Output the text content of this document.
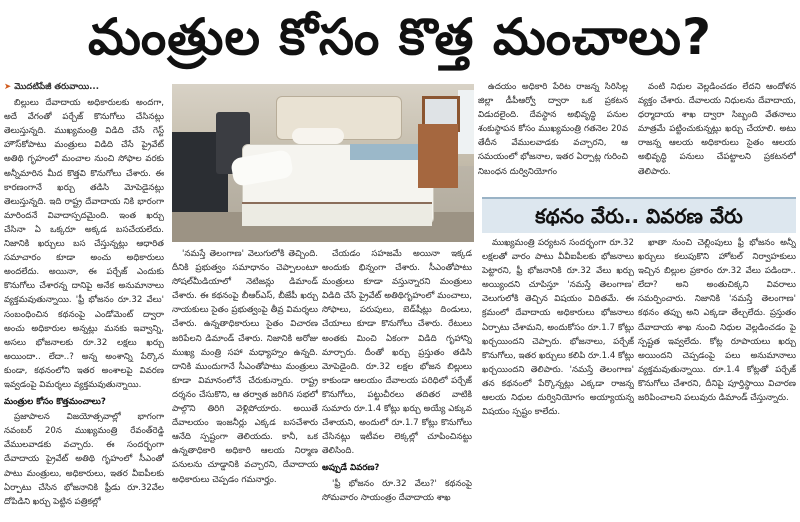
మంత్రుల కోసం కొత్త మంచాలు?

➤ మొదటిపేజీ తరువాయి...

బిల్లులు దేవాదాయ అధికారులకు అందగా, అదే వేగంతో పర్చేజ్ కొనుగోలు చేసినట్లు తెలుస్తున్నది. ముఖ్యమంత్రి విడిది చేసే గెస్ట్ హౌస్‌కోపాటు మంత్రులు విడిది చేసే ప్రైవేట్ అతిథి గృహంలో మంచాల నుంచి సోఫాల వరకు అన్నీమారిన మీద కొత్తవి కొనుగోలు చేశారు. ఈ కారణంగానే ఖర్చు తడిసి మోపెడైనట్లు తెలుస్తున్నది. ఇది రాష్ట్ర దేవాదాయ నికి భారంగా మారిందనే వివాదాస్పదమైంది. ఇంత ఖర్చు చేసినా ఏ ఒక్కరూ అక్కడ బసచేయలేదు. నిజానికి ఖర్చులు బస చేస్తున్నట్లు ఆధారిత సమాచారం కూడా అంచు అధికారులు అందలేదు. అయినా, ఈ పర్చేజ్ ఎందుకు కొనుగోలు చేశారన్న దానిపై అనేక అనుమానాలు వ్యక్తమవుతున్నాయి. 'ఫ్రీ భోజనం రూ.32 వేలు' సంబంధించిన కథనంపై ఎండోమెంట్ ద్వారా అంచు అధికారుల అన్నట్లు మనకు ఇవ్వాన్ని, అసలు భోజనాలకు రూ.32 లక్షలు ఖర్చు అయిందా.. లేదా..? అన్న అంశాన్ని పేర్కొన కుండా, కథనంలోని ఇతర అంశాలపై వివరణ ఇవ్వడంపై విమర్శలు వ్యక్తమవుతున్నాయి.

మంత్రుల కోసం కొత్తమంచాలు?

ప్రజాపాలన విజయోత్సవాల్లో భాగంగా నవంబర్ 20న ముఖ్యమంత్రి రేవంత్‌రెడ్డి వేములవాడకు వచ్చారు. ఈ సందర్భంగా దేవాదాయ ప్రైవేట్ అతిథి గృహంలో సీఎంతో పాటు మంత్రులు, అధికారులు, ఇతర వీఐపీలకు ఏర్పాటు చేసిన భోజనానికి ఫ్రీడు రూ.32వేల దోపిడిని ఖర్చు పెట్టిన పత్రికల్లో

'నమస్తే తెలంగాణ' వెలుగులోకి తెచ్చింది. దీనికి ప్రభుత్వం సమాధానం చెప్పాలంటూ సోషల్‌మీడియాలో నెటిజన్లు డిమాండ్ చేశారు. ఈ కథనంపై బీఆర్‌ఎస్, బీజేపీ ఖర్చు నాయకులు సైతం ప్రభుత్వంపై తీవ్ర విమర్శలు చేశారు. ఉన్నతాధికారులు సైతం విచారణ జరిపేలని డిమాండ్ చేశారు. నిజానికి అరోజు ముఖ్య మంత్రి సహా మధ్యాహ్నం ఉన్నది. దానికి ముందుగానే సీఎంతోపాటు మంత్రులు కూడా విమానంలోనే చేరుకున్నారు. రాష్ట్ర దర్శనం చేసుకొని, ఆ తర్వాత జరిగిన సభలో పాల్గొని తిరిగి వెళ్లిపోయారు. అయితే దేవాలయం ఇంజనీర్లు ఎక్కడ బసచేశారు ఆనేది స్పష్టంగా తెలియదు. కానీ, ఒక ఉన్నతాధికారి అధికారి ఆలయ నిర్మాణ పనులను చూడ్డానికి వచ్చారని, దేవాదాయ అధికారులు చెప్పడం గమనార్హం.

చేయడం సహజమే అయినా ఇక్కడ అందుకు భిన్నంగా చేశారు. సీఎంతోపాటు మంత్రులు కూడా వస్తున్నారని మంత్రులు విడిది చేసే ప్రైవేట్ అతిథిగృహంలో మంచాలు, సోఫాలు, పరుపులు, బెడ్‌షీట్లు దిండులు, చేయాలు కూడా కొనుగోలు చేశారు. రేటులు అంతకు మించి ఏకంగా విడిది గృహాన్ని మార్చారు. దీంతో ఖర్చు ప్రస్తుతం తడిసి మోపెడైంది. రూ.32 లక్షల భోజన బిల్లులు కాకుండా ఆలయం దేవాలయ పరిధిలో పర్చేజ్ కొనుగోలు, పట్టుచీరలు తదితర వాటికి సుమారు రూ.1.4 కోట్లు ఖర్చు అయ్యే ఎక్కువ చేశాయని, అందులో రూ.1.7 కోట్లు కొనుగోలు చేసినట్లు ఇటీవల లెక్కల్లో చూపించినట్టు తెలిసింది.

అప్పుడే వివరణ?

'ఫ్రీ భోజనం రూ.32 వేలు?' కథనంపై సోమవారం సాయంత్రం దేవాదాయ శాఖ

ఉదయం అధికారి పేరిట రాజన్న సిరిసిల్ల జిల్లా డీపీఆర్వో ద్వారా ఒక ప్రకటన విడుదలైంది. దేవస్థాన అభివృద్ధి పనుల శంకుస్థాపన కోసం ముఖ్యమంత్రి గతనెల 20వ తేదీన వేములవాడకు వచ్చారని, ఆ సమయంలో భోజనాల, ఇతర ఏర్పాట్ల గురించి నిబంధన దుర్వినియోగం

వంటి నిధుల వెల్లడించడం లేదని ఆందోళన వ్యక్తం చేశారు. దేవాలయ నిధులను దేవాదాయ, ధర్మాదాయ శాఖ ద్వారా సిబ్బంది వేతనాలు మాత్రమే పట్టించుకున్నట్లు ఖర్చు చేయాలి. అటు రాజన్న ఆలయ అధికారులు సైతం ఆలయ అభివృద్ధి పనులు చేపట్టాలని ప్రకటనలో తెలిపారు.

కథనం వేరు.. వివరణ వేరు

ముఖ్యమంత్రి పర్యటన సందర్భంగా రూ.32 లక్షలతో వారం పాటు వీవీఐపీలకు భోజనాలు పెట్టారని, ఫ్రీ భోజనానికి రూ.32 వేలు ఖర్చు అయ్యిందని చూపిస్తూ 'నమస్తే తెలంగాణ' వెలుగులోకి తెచ్చిన విషయం విదితమే. ఈ క్రమంలో దేవాదాయ అధికారులు భోజనాలు ఏర్పాటు చేశామని, అందుకోసం రూ.1.7 కోట్లు ఖర్చయిందని చెప్పారు. భోజనాలు, పర్చేజ్ కొనుగోలు, ఇతర ఖర్చులు కలిపి రూ.1.4 కోట్లు ఖర్చయిందని తెలిపారు. 'నమస్తే తెలంగాణ' తన కథనంలో పేర్కొన్నట్లు ఎక్కడా రాజన్న ఆలయ నిధుల దుర్వినియోగం అయ్యాయన్న విషయం స్పష్టం కాలేదు.

ఖాతా నుంచి చెల్లింపులు ఫ్రీ భోజనం అన్నీ ఖర్చులు కలుపుకొని హోటల్ నిర్వాహకులు ఇచ్చిన బిల్లుల ప్రకారం రూ.32 వేలు పడిందా.. లేదా? అని అంతుచిక్కని వివరాలు సమర్పించారు. నిజానికి 'నమస్తే తెలంగాణ' కథనం తప్పు అని ఎక్కడా తేల్చలేదు. ప్రస్తుతం దేవాదాయ శాఖ నుంచి నిధుల వెల్లడించడం పై స్పష్టత ఇవ్వలేదు. కోట్ల రూపాయలు ఖర్చు అయిందని చెప్పడంపై పలు అనుమానాలు వ్యక్తమవుతున్నాయి. రూ.1.4 కోట్లతో పర్చేజ్ కొనుగోలు చేశారని, దీనిపై పూర్తిస్థాయి విచారణ జరిపించాలని పలువురు డిమాండ్ చేస్తున్నారు.
